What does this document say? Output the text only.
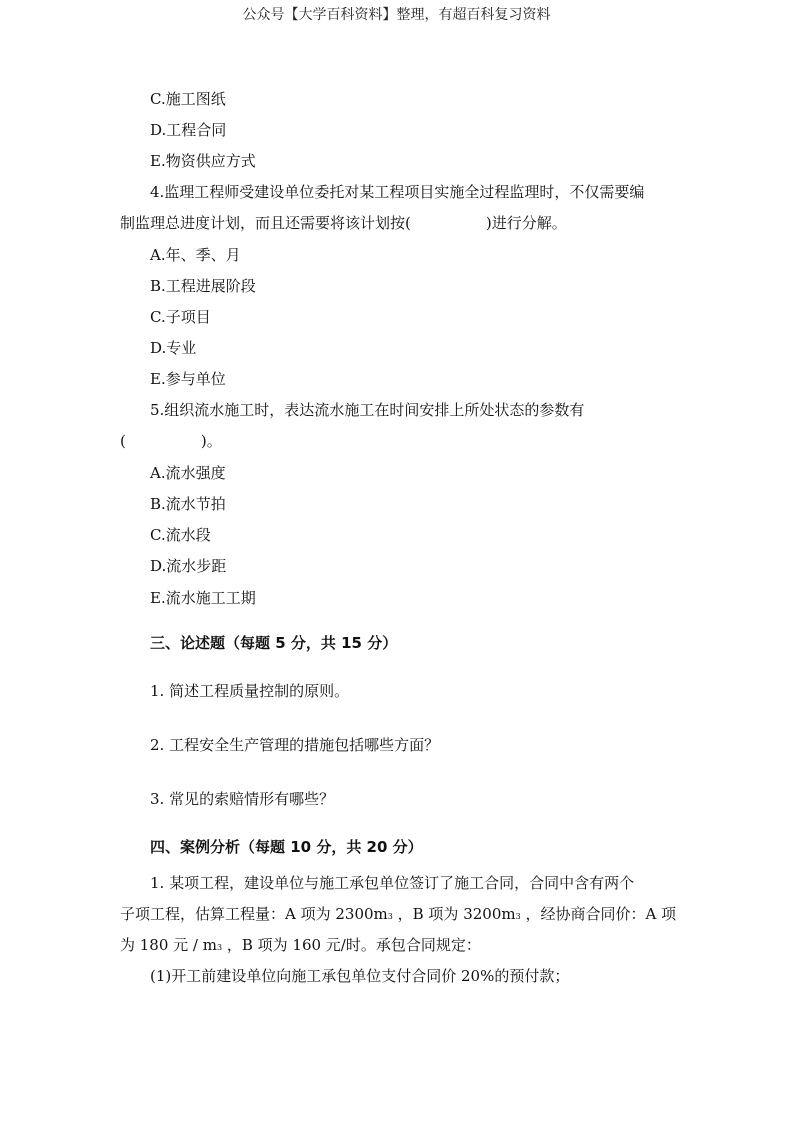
公众号【大学百科资料】整理，有超百科复习资料
C.施工图纸
D.工程合同
E.物资供应方式
4.监理工程师受建设单位委托对某工程项目实施全过程监理时，不仅需要编
制监理总进度计划，而且还需要将该计划按(　　　　　)进行分解。
A.年、季、月
B.工程进展阶段
C.子项目
D.专业
E.参与单位
5.组织流水施工时，表达流水施工在时间安排上所处状态的参数有
(　　　　　)。
A.流水强度
B.流水节拍
C.流水段
D.流水步距
E.流水施工工期
三、论述题（每题 5 分，共 15 分）
1. 简述工程质量控制的原则。
2. 工程安全生产管理的措施包括哪些方面？
3. 常见的索赔情形有哪些？
四、案例分析（每题 10 分，共 20 分）
1. 某项工程，建设单位与施工承包单位签订了施工合同，合同中含有两个
子项工程，估算工程量：A 项为 2300m3 ，B 项为 3200m3 ，经协商合同价：A 项
为 180 元 / m3 ，B 项为 160 元/时。承包合同规定：
(1)开工前建设单位向施工承包单位支付合同价 20%的预付款；
